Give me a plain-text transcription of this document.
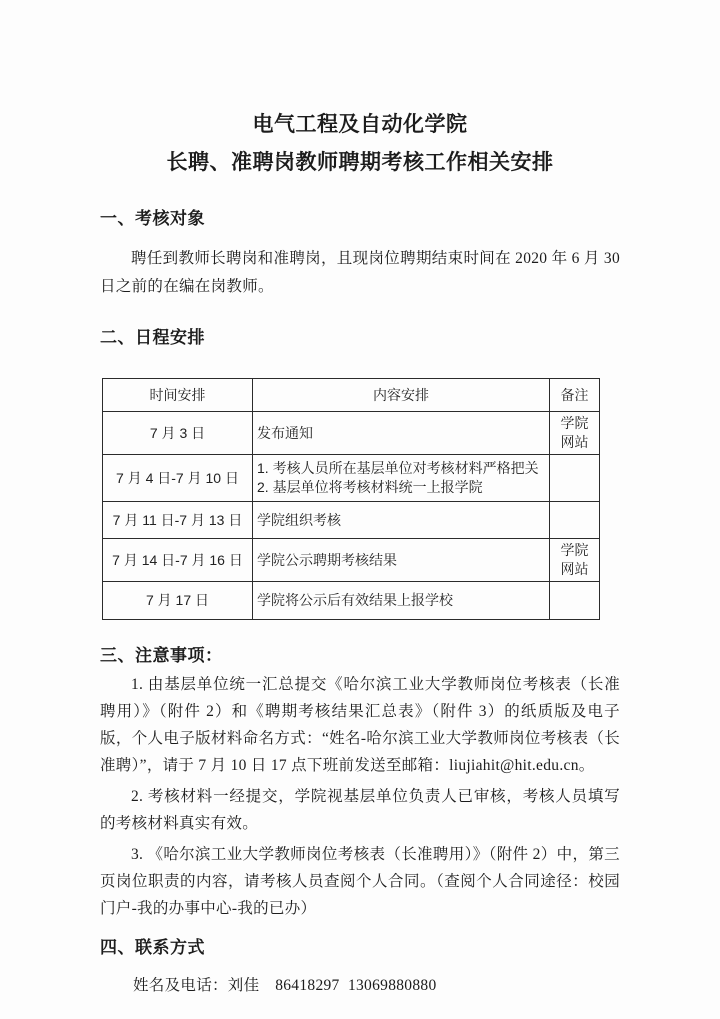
电气工程及自动化学院
长聘、准聘岗教师聘期考核工作相关安排
一、考核对象

聘任到教师长聘岗和准聘岗，且现岗位聘期结束时间在 2020 年 6 月 30 日之前的在编在岗教师。

二、日程安排
时间安排	内容安排	备注
7 月 3 日	发布通知	学院
网站

7 月 4 日-7 月 10 日	1. 考核人员所在基层单位对考核材料严格把关
2. 基层单位将考核材料统一上报学院	

7 月 11 日-7 月 13 日	学院组织考核	

7 月 14 日-7 月 16 日	学院公示聘期考核结果	学院
网站

7 月 17 日	学院将公示后有效结果上报学校	

三、注意事项：

1. 由基层单位统一汇总提交《哈尔滨工业大学教师岗位考核表（长准聘用）》（附件 2）和《聘期考核结果汇总表》（附件 3）的纸质版及电子版，个人电子版材料命名方式：“姓名-哈尔滨工业大学教师岗位考核表（长准聘）”，请于 7 月 10 日 17 点下班前发送至邮箱：liujiahit@hit.edu.cn。

2. 考核材料一经提交，学院视基层单位负责人已审核，考核人员填写的考核材料真实有效。

3. 《哈尔滨工业大学教师岗位考核表（长准聘用）》（附件 2）中，第三页岗位职责的内容，请考核人员查阅个人合同。（查阅个人合同途径：校园门户-我的办事中心-我的已办）

四、联系方式

姓名及电话：刘佳　86418297  13069880880
